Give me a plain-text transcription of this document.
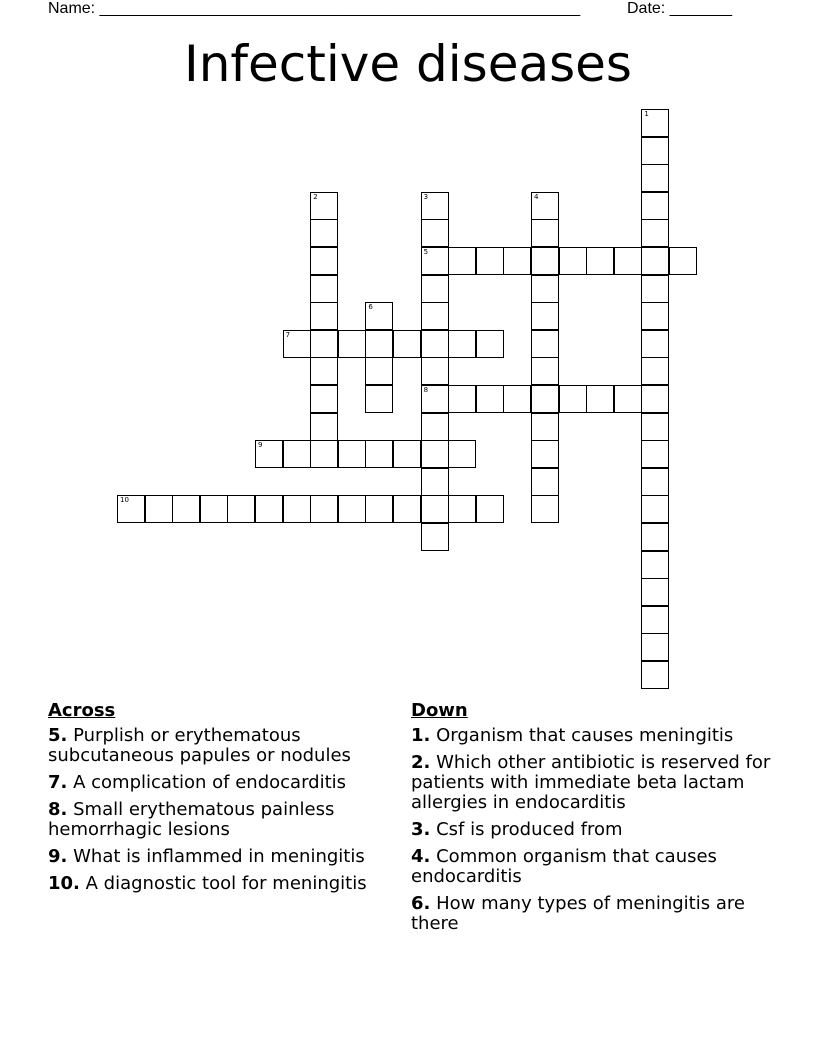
Name: ______________________________________________________	Date: _______
Infective diseases
1
2	3
5
8
4
6
7
9
10
Across
5. Purplish or erythematous subcutaneous papules or nodules
7. A complication of endocarditis
8. Small erythematous painless hemorrhagic lesions
9. What is inflammed in meningitis
10. A diagnostic tool for meningitis
Down
1. Organism that causes meningitis
2. Which other antibiotic is reserved for patients with immediate beta lactam allergies in endocarditis
3. Csf is produced from
4. Common organism that causes endocarditis
6. How many types of meningitis are there
